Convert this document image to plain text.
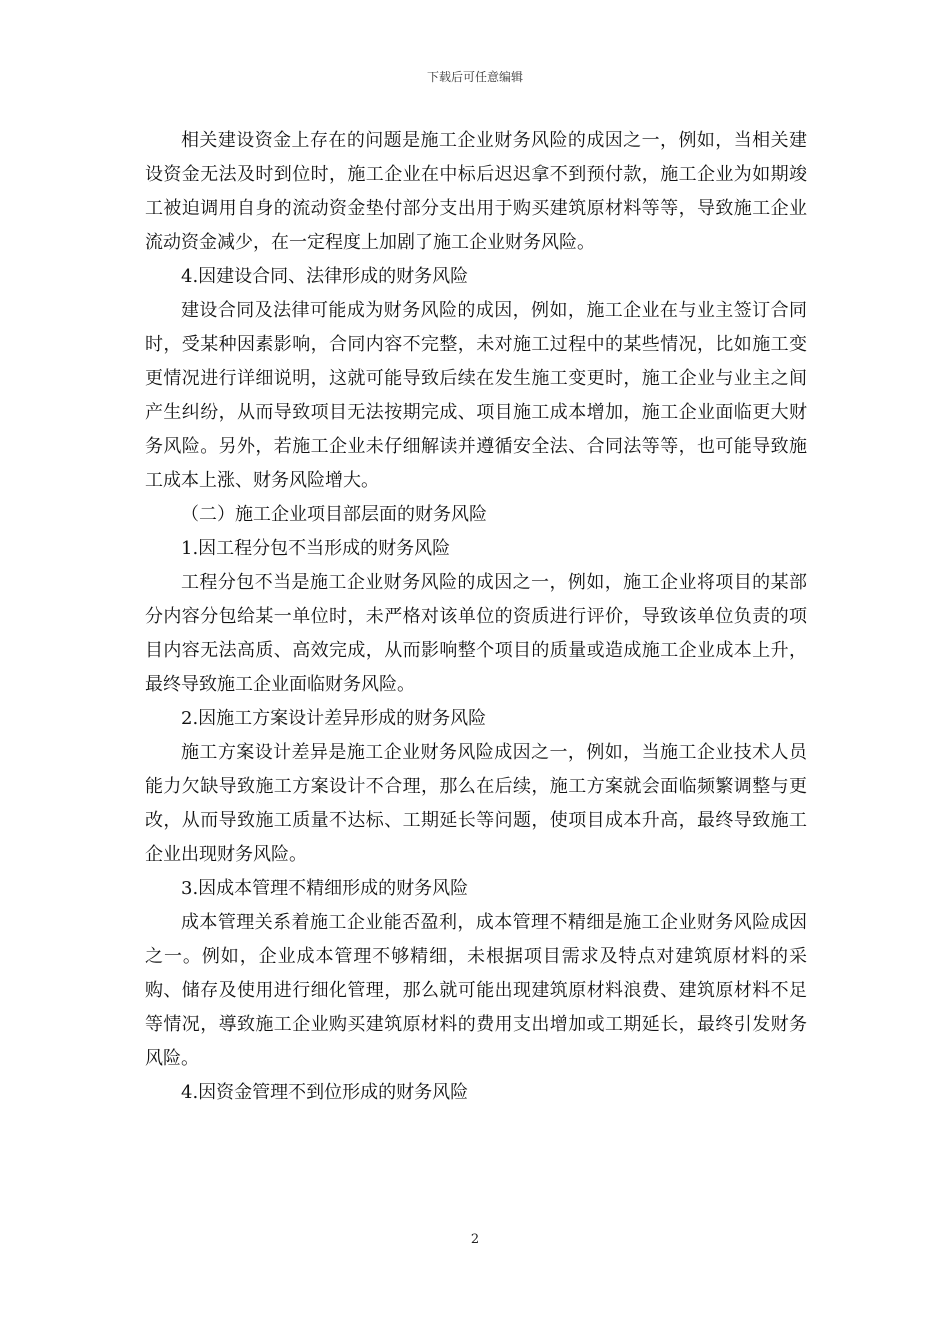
下载后可任意编辑

相关建设资金上存在的问题是施工企业财务风险的成因之一，例如，当相关建设资金无法及时到位时，施工企业在中标后迟迟拿不到预付款，施工企业为如期竣工被迫调用自身的流动资金垫付部分支出用于购买建筑原材料等等，导致施工企业流动资金减少，在一定程度上加剧了施工企业财务风险。

4.因建设合同、法律形成的财务风险

建设合同及法律可能成为财务风险的成因，例如，施工企业在与业主签订合同时，受某种因素影响，合同内容不完整，未对施工过程中的某些情况，比如施工变更情况进行详细说明，这就可能导致后续在发生施工变更时，施工企业与业主之间产生纠纷，从而导致项目无法按期完成、项目施工成本增加，施工企业面临更大财务风险。另外，若施工企业未仔细解读并遵循安全法、合同法等等，也可能导致施工成本上涨、财务风险增大。

（二）施工企业项目部层面的财务风险

1.因工程分包不当形成的财务风险

工程分包不当是施工企业财务风险的成因之一，例如，施工企业将项目的某部分内容分包给某一单位时，未严格对该单位的资质进行评价，导致该单位负责的项目内容无法高质、高效完成，从而影响整个项目的质量或造成施工企业成本上升，最终导致施工企业面临财务风险。

2.因施工方案设计差异形成的财务风险

施工方案设计差异是施工企业财务风险成因之一，例如，当施工企业技术人员能力欠缺导致施工方案设计不合理，那么在后续，施工方案就会面临频繁调整与更改，从而导致施工质量不达标、工期延长等问题，使项目成本升高，最终导致施工企业出现财务风险。

3.因成本管理不精细形成的财务风险

成本管理关系着施工企业能否盈利，成本管理不精细是施工企业财务风险成因之一。例如，企业成本管理不够精细，未根据项目需求及特点对建筑原材料的采购、储存及使用进行细化管理，那么就可能出现建筑原材料浪费、建筑原材料不足等情况，導致施工企业购买建筑原材料的费用支出增加或工期延长，最终引发财务风险。

4.因资金管理不到位形成的财务风险

2
